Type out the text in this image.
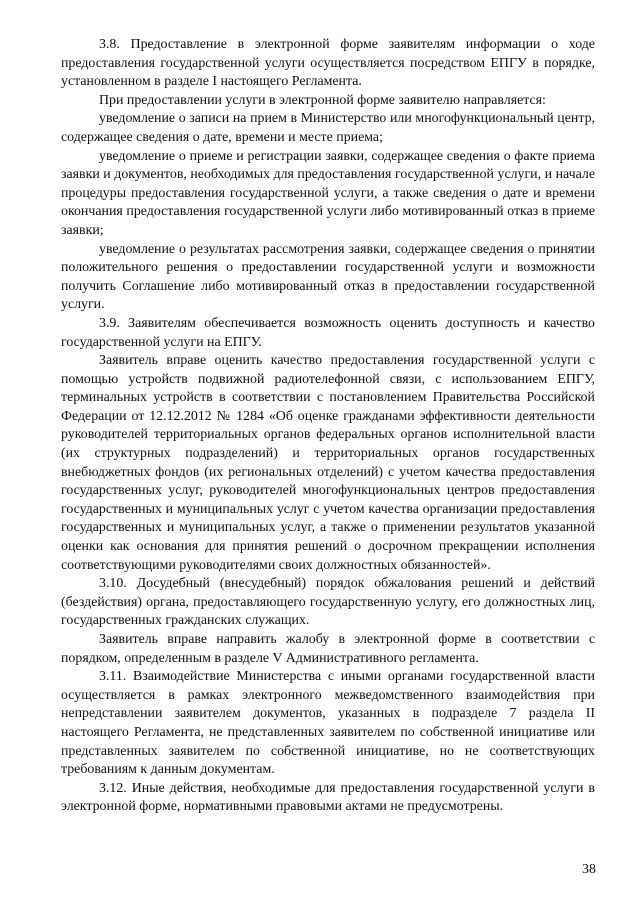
3.8. Предоставление в электронной форме заявителям информации о ходе предоставления государственной услуги осуществляется посредством ЕПГУ в порядке, установленном в разделе I настоящего Регламента.

При предоставлении услуги в электронной форме заявителю направляется:

уведомление о записи на прием в Министерство или многофункциональный центр, содержащее сведения о дате, времени и месте приема;

уведомление о приеме и регистрации заявки, содержащее сведения о факте приема заявки и документов, необходимых для предоставления государственной услуги, и начале процедуры предоставления государственной услуги, а также сведения о дате и времени окончания предоставления государственной услуги либо мотивированный отказ в приеме заявки;

уведомление о результатах рассмотрения заявки, содержащее сведения о принятии положительного решения о предоставлении государственной услуги и возможности получить Соглашение либо мотивированный отказ в предоставлении государственной услуги.

3.9. Заявителям обеспечивается возможность оценить доступность и качество государственной услуги на ЕПГУ.

Заявитель вправе оценить качество предоставления государственной услуги с помощью устройств подвижной радиотелефонной связи, с использованием ЕПГУ, терминальных устройств в соответствии с постановлением Правительства Российской Федерации от 12.12.2012 № 1284 «Об оценке гражданами эффективности деятельности руководителей территориальных органов федеральных органов исполнительной власти (их структурных подразделений) и территориальных органов государственных внебюджетных фондов (их региональных отделений) с учетом качества предоставления государственных услуг, руководителей многофункциональных центров предоставления государственных и муниципальных услуг с учетом качества организации предоставления государственных и муниципальных услуг, а также о применении результатов указанной оценки как основания для принятия решений о досрочном прекращении исполнения соответствующими руководителями своих должностных обязанностей».

3.10. Досудебный (внесудебный) порядок обжалования решений и действий (бездействия) органа, предоставляющего государственную услугу, его должностных лиц, государственных гражданских служащих.

Заявитель вправе направить жалобу в электронной форме в соответствии с порядком, определенным в разделе V Административного регламента.

3.11. Взаимодействие Министерства с иными органами государственной власти осуществляется в рамках электронного межведомственного взаимодействия при непредставлении заявителем документов, указанных в подразделе 7 раздела II настоящего Регламента, не представленных заявителем по собственной инициативе или представленных заявителем по собственной инициативе, но не соответствующих требованиям к данным документам.

3.12. Иные действия, необходимые для предоставления государственной услуги в электронной форме, нормативными правовыми актами не предусмотрены.

38
